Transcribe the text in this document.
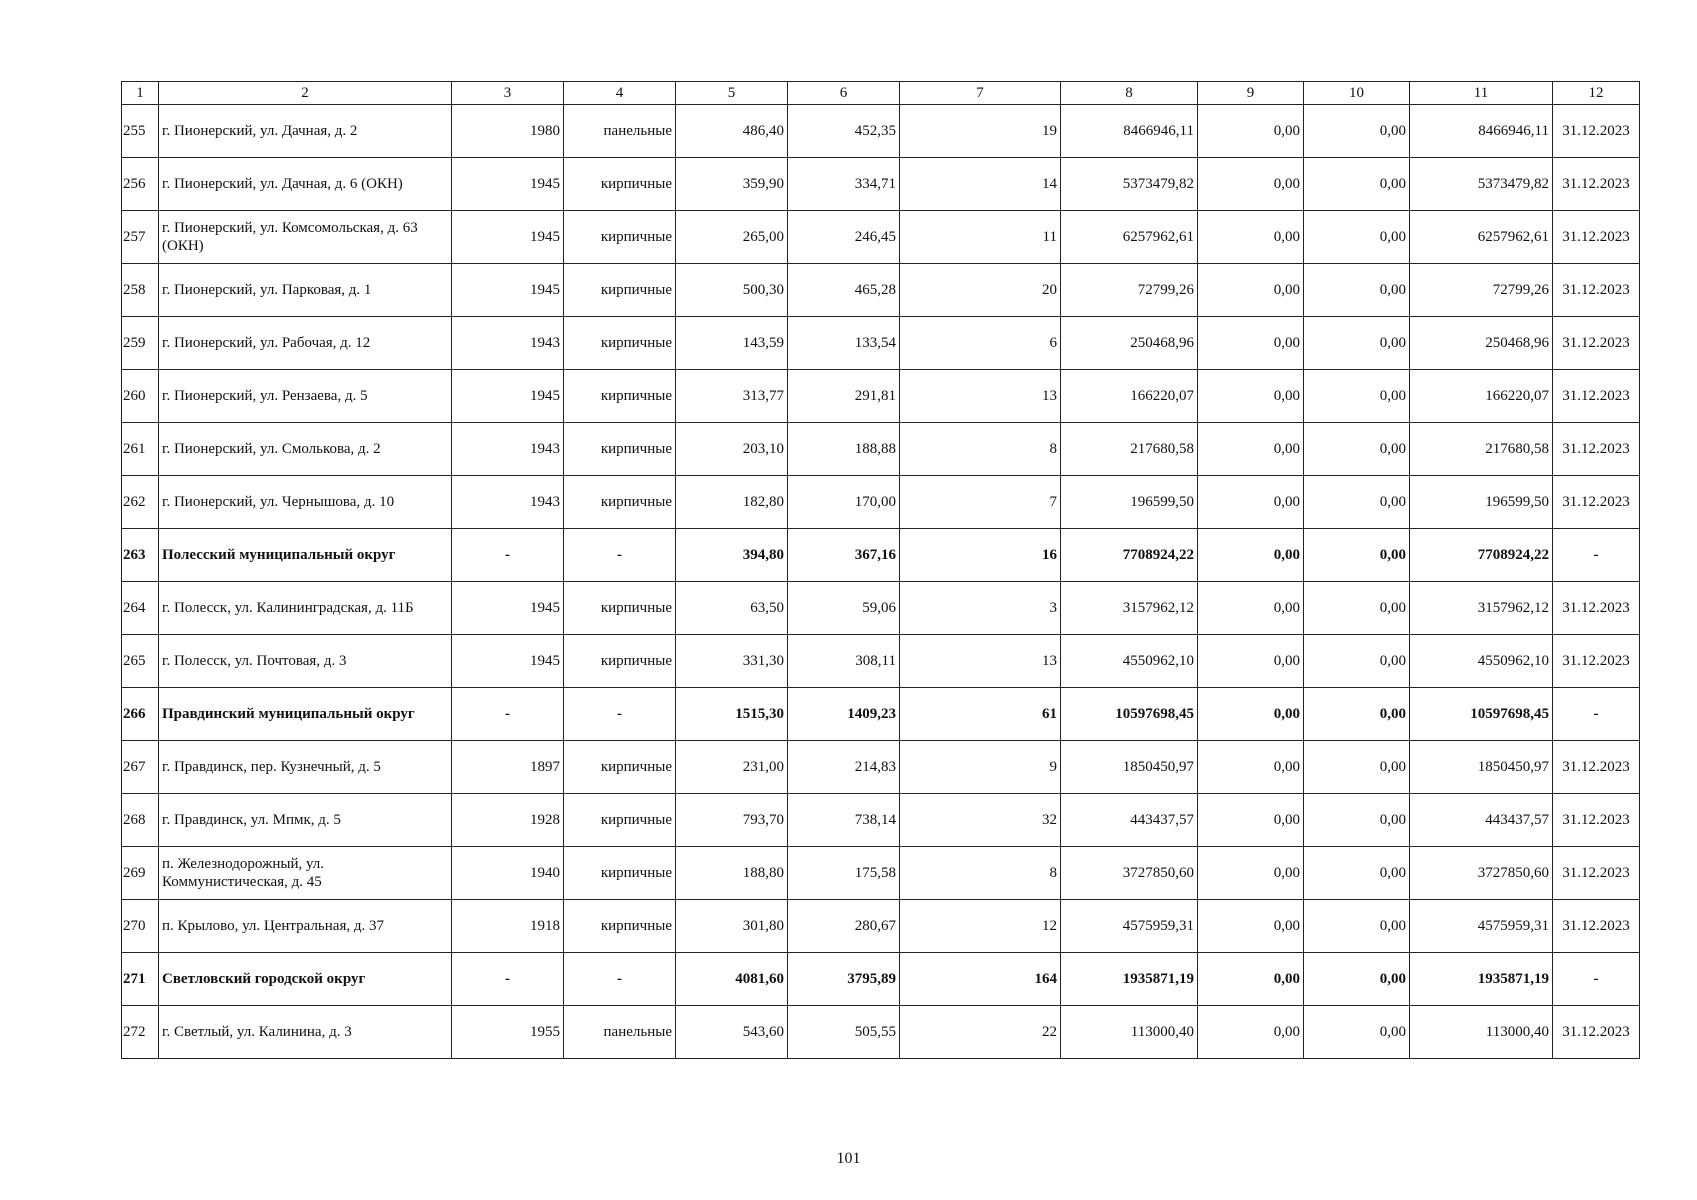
1	2	3	4	5	6	7	8	9	10	11	12
255	г. Пионерский, ул. Дачная, д. 2	1980	панельные	486,40	452,35	19	8466946,11	0,00	0,00	8466946,11	31.12.2023
256	г. Пионерский, ул. Дачная, д. 6 (ОКН)	1945	кирпичные	359,90	334,71	14	5373479,82	0,00	0,00	5373479,82	31.12.2023
257	г. Пионерский, ул. Комсомольская, д. 63 (ОКН)	1945	кирпичные	265,00	246,45	11	6257962,61	0,00	0,00	6257962,61	31.12.2023
258	г. Пионерский, ул. Парковая, д. 1	1945	кирпичные	500,30	465,28	20	72799,26	0,00	0,00	72799,26	31.12.2023
259	г. Пионерский, ул. Рабочая, д. 12	1943	кирпичные	143,59	133,54	6	250468,96	0,00	0,00	250468,96	31.12.2023
260	г. Пионерский, ул. Рензаева, д. 5	1945	кирпичные	313,77	291,81	13	166220,07	0,00	0,00	166220,07	31.12.2023
261	г. Пионерский, ул. Смолькова, д. 2	1943	кирпичные	203,10	188,88	8	217680,58	0,00	0,00	217680,58	31.12.2023
262	г. Пионерский, ул. Чернышова, д. 10	1943	кирпичные	182,80	170,00	7	196599,50	0,00	0,00	196599,50	31.12.2023
263	Полесский муниципальный округ	-	-	394,80	367,16	16	7708924,22	0,00	0,00	7708924,22	-
264	г. Полесск, ул. Калининградская, д. 11Б	1945	кирпичные	63,50	59,06	3	3157962,12	0,00	0,00	3157962,12	31.12.2023
265	г. Полесск, ул. Почтовая, д. 3	1945	кирпичные	331,30	308,11	13	4550962,10	0,00	0,00	4550962,10	31.12.2023
266	Правдинский муниципальный округ	-	-	1515,30	1409,23	61	10597698,45	0,00	0,00	10597698,45	-
267	г. Правдинск, пер. Кузнечный, д. 5	1897	кирпичные	231,00	214,83	9	1850450,97	0,00	0,00	1850450,97	31.12.2023
268	г. Правдинск, ул. Мпмк, д. 5	1928	кирпичные	793,70	738,14	32	443437,57	0,00	0,00	443437,57	31.12.2023
269	п. Железнодорожный, ул. Коммунистическая, д. 45	1940	кирпичные	188,80	175,58	8	3727850,60	0,00	0,00	3727850,60	31.12.2023
270	п. Крылово, ул. Центральная, д. 37	1918	кирпичные	301,80	280,67	12	4575959,31	0,00	0,00	4575959,31	31.12.2023
271	Светловский городской округ	-	-	4081,60	3795,89	164	1935871,19	0,00	0,00	1935871,19	-
272	г. Светлый, ул. Калинина, д. 3	1955	панельные	543,60	505,55	22	113000,40	0,00	0,00	113000,40	31.12.2023
101
